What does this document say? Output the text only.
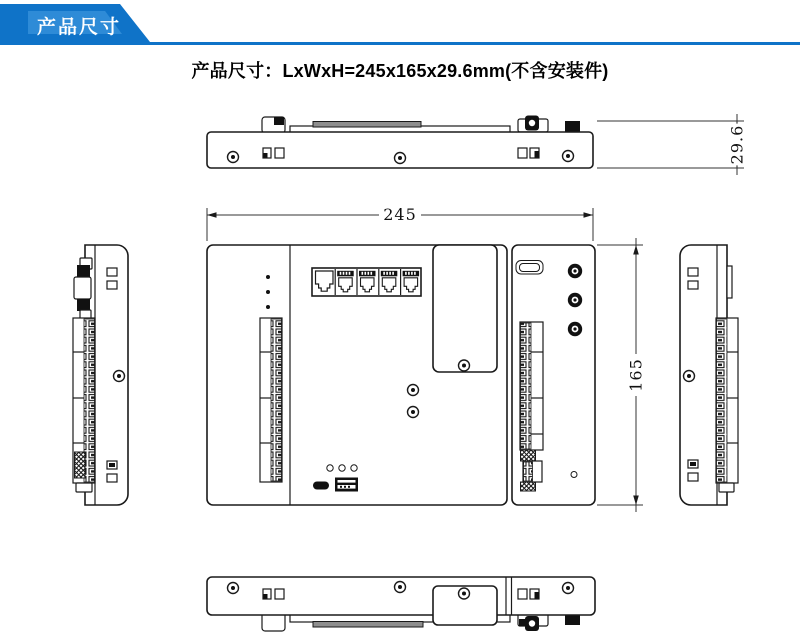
产品尺寸
产品尺寸：LxWxH=245x165x29.6mm(不含安装件)
29.6
245
165
